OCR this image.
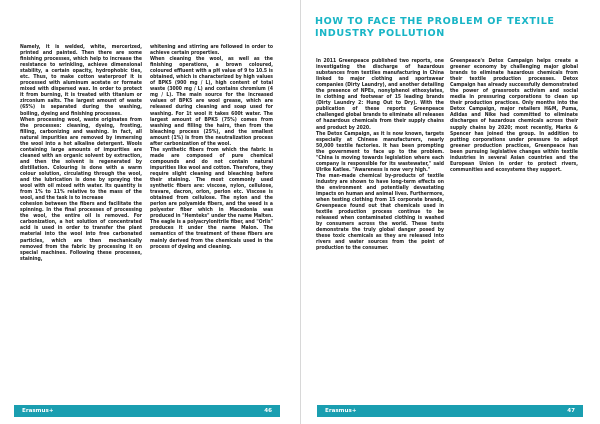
Namely, it is welded, white, mercerized, printed and painted. Then there are some finishing processes, which help to increase the resistance to wrinkling, achieve dimensional stability, a certain opacity, hydrophobic ties, etc. Thus, to make cotton waterproof it is processed with aluminum acetate or formate mixed with dispersed wax. In order to protect it from burning, it is treated with titanium or zirconium salts. The largest amount of waste (65%) is separated during the washing, boiling, dyeing and finishing processes.
When processing wool, waste originates from the processes: cleaning, dyeing, frosting, filling, carbonizing and washing. In fact, all natural impurities are removed by immersing the wool into a hot alkaline detergent. Wools containing large amounts of impurities are cleaned with an organic solvent by extraction, and then the solvent is regenerated by distillation. Colouring is done with a warm colour solution, circulating through the wool, and the lubrication is done by spraying the wool with oil mixed with water. Its quantity is from 1% to 11% relative to the mass of the wool, and the task is to increase
cohesion between the fibers and facilitate the spinning. In the final processes of processing the wool, the entire oil is removed. For carbonization, a hot solution of concentrated acid is used in order to transfer the plant material into the wool into free carbonated particles, which are then mechanically removed from the fabric by processing it on special machines. Following these processes, staining,

whitening and stirring are followed in order to achieve certain properties.
When cleaning the wool, as well as the finishing operations, a brown coloured, coloured effluent with a pH value of 9 to 10.5 is obtained, which is characterized by high values of BPK5 (900 mg / L), high content of total waste (3000 mg / L) and contains chromium (4 mg / L). The main source for the increased values of BPK5 are wool grease, which are released during cleaning and soap used for washing. For 1t wool it takes 600t water. The largest amount of BPK5 (75%) comes from washing and filling the hairs, then from the bleaching process (25%), and the smallest amount (1%) is from the neutralization process after carbonization of the wool.
The synthetic fibers from which the fabric is made are composed of pure chemical compounds and do not contain natural impurities like wool and cotton. Therefore, they require slight cleaning and bleaching before their staining. The most commonly used synthetic fibers are: viscose, nylon, cellulose, travare, dacron, orlon, perlon etc. Viscose is obtained from cellulose. The nylon and the perlon are polyamide fibers, and the weed is a polyester fiber which in Macedonia was produced in "Hemteks" under the name Malten. The eagle is a polyacrylonitrile fiber, and "Orlis" produces it under the name Malon. The semantics of the treatment of these fibers are mainly derived from the chemicals used in the process of dyeing and cleaning.

Erasmus+	46
HOW TO FACE THE PROBLEM OF TEXTILE INDUSTRY POLLUTION

In 2011 Greenpeace published two reports, one investigating the discharge of hazardous substances from textiles manufacturing in China linked to major clothing and sportswear companies (Dirty Laundry), and another detailing the presence of NPEs, nonylphenol ethoxylates, in clothing and footwear of 15 leading brands (Dirty Laundry 2: Hung Out to Dry). With the publication of these reports Greenpeace challenged global brands to eliminate all releases of hazardous chemicals from their supply chains and product by 2020.
The Detox Campaign, as it is now known, targets especially at Chinese manufacturers, nearly 50,000 textile factories. It has been prompting the government to face up to the problem. "China is moving towards legislation where each company is responsible for its wastewater," said Ulrike Katlee. "Awareness is now very high."
The man-made chemical by-products of textile industry are shown to have long-term effects on the environment and potentially devastating impacts on human and animal lives. Furthermore, when testing clothing from 15 corporate brands, Greenpeace found out that chemicals used in textile production process continue to be released when contaminated clothing is washed by consumers across the world. These tests demonstrate the truly global danger posed by these toxic chemicals as they are released into rivers and water sources from the point of production to the consumer.

Greenpeace's Detox Campaign helps create a greener economy by challenging major global brands to eliminate hazardous chemicals from their textile production processes. Detox Campaign has already successfully demonstrated the power of grassroots activism and social media in pressuring corporations to clean up their production practices. Only months into the Detox Campaign, major retailers H&M, Puma, Adidas and Nike had committed to eliminate discharges of hazardous chemicals across their supply chains by 2020; most recently, Marks & Spencer has joined the group. In addition to putting corporations under pressure to adopt greener production practices, Greenpeace has been pursuing legislative changes within textile industries in several Asian countries and the European Union in order to protect rivers, communities and ecosystems they support.

Erasmus+	47
